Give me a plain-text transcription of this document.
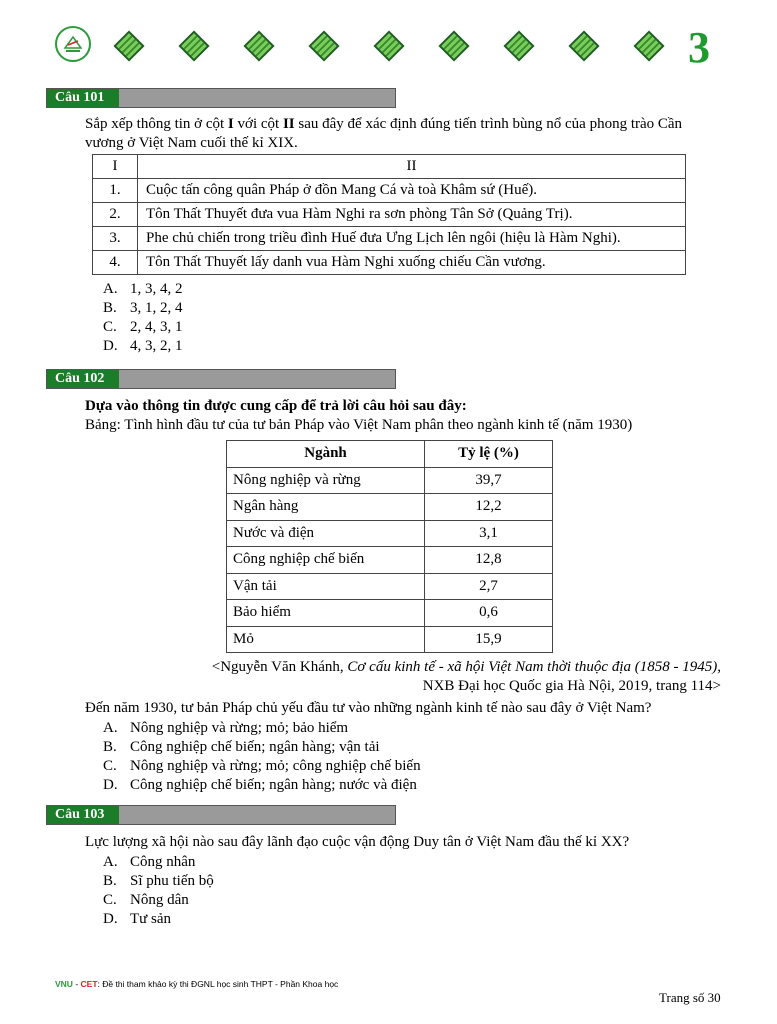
3
Câu 101
Sắp xếp thông tin ở cột I với cột II sau đây để xác định đúng tiến trình bùng nổ của phong trào Cần
vương ở Việt Nam cuối thế kỉ XIX.
I	II
1.	Cuộc tấn công quân Pháp ở đồn Mang Cá và toà Khâm sứ (Huế).
2.	Tôn Thất Thuyết đưa vua Hàm Nghi ra sơn phòng Tân Sở (Quảng Trị).
3.	Phe chủ chiến trong triều đình Huế đưa Ưng Lịch lên ngôi (hiệu là Hàm Nghi).
4.	Tôn Thất Thuyết lấy danh vua Hàm Nghi xuống chiếu Cần vương.
A. 1, 3, 4, 2
B. 3, 1, 2, 4
C. 2, 4, 3, 1
D. 4, 3, 2, 1
Câu 102
Dựa vào thông tin được cung cấp để trả lời câu hỏi sau đây:
Bảng: Tình hình đầu tư của tư bản Pháp vào Việt Nam phân theo ngành kinh tế (năm 1930)
Ngành	Tỷ lệ (%)
Nông nghiệp và rừng	39,7
Ngân hàng	12,2
Nước và điện	3,1
Công nghiệp chế biến	12,8
Vận tải	2,7
Bảo hiểm	0,6
Mỏ	15,9
<Nguyễn Văn Khánh, Cơ cấu kinh tế - xã hội Việt Nam thời thuộc địa (1858 - 1945),
NXB Đại học Quốc gia Hà Nội, 2019, trang 114>
Đến năm 1930, tư bản Pháp chủ yếu đầu tư vào những ngành kinh tế nào sau đây ở Việt Nam?
A. Nông nghiệp và rừng; mỏ; bảo hiểm
B. Công nghiệp chế biến; ngân hàng; vận tải
C. Nông nghiệp và rừng; mỏ; công nghiệp chế biến
D. Công nghiệp chế biến; ngân hàng; nước và điện
Câu 103
Lực lượng xã hội nào sau đây lãnh đạo cuộc vận động Duy tân ở Việt Nam đầu thế kỉ XX?
A. Công nhân
B. Sĩ phu tiến bộ
C. Nông dân
D. Tư sản
VNU - CET: Đề thi tham khảo kỳ thi ĐGNL học sinh THPT - Phần Khoa học
Trang số 30
